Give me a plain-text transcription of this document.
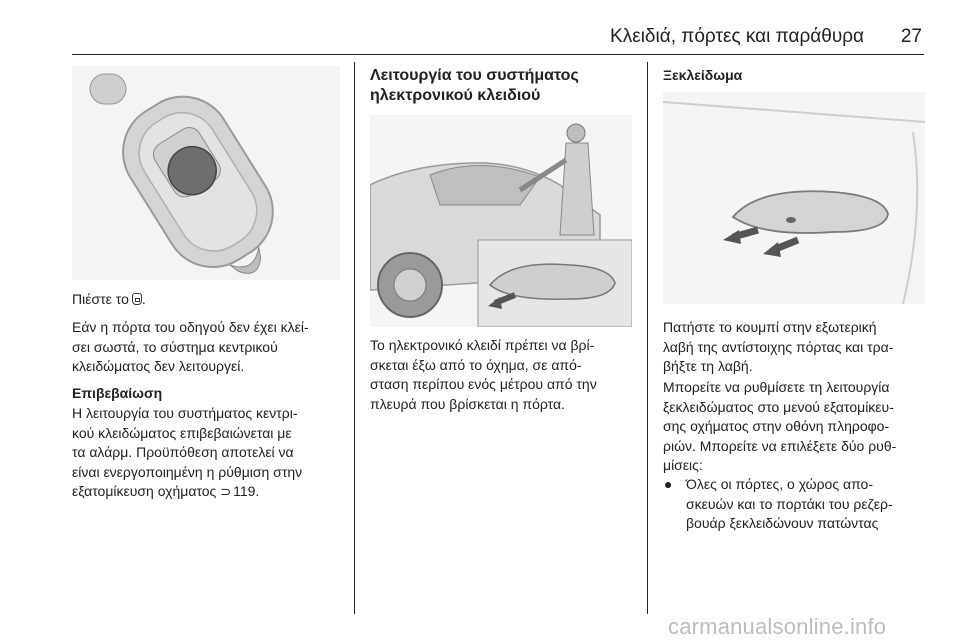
Κλειδιά, πόρτες και παράθυρα 27
Πιέστε το .
Εάν η πόρτα του οδηγού δεν έχει κλεί-
σει σωστά, το σύστημα κεντρικού
κλειδώματος δεν λειτουργεί.
Επιβεβαίωση
Η λειτουργία του συστήματος κεντρι-
κού κλειδώματος επιβεβαιώνεται με
τα αλάρμ. Προϋπόθεση αποτελεί να
είναι ενεργοποιημένη η ρύθμιση στην
εξατομίκευση οχήματος ⊃ 119.
Λειτουργία του συστήματος
ηλεκτρονικού κλειδιού
Το ηλεκτρονικό κλειδί πρέπει να βρί-
σκεται έξω από το όχημα, σε από-
σταση περίπου ενός μέτρου από την
πλευρά που βρίσκεται η πόρτα.
Ξεκλείδωμα
Πατήστε το κουμπί στην εξωτερική
λαβή της αντίστοιχης πόρτας και τρα-
βήξτε τη λαβή.
Μπορείτε να ρυθμίσετε τη λειτουργία
ξεκλειδώματος στο μενού εξατομίκευ-
σης οχήματος στην οθόνη πληροφο-
ριών. Μπορείτε να επιλέξετε δύο ρυθ-
μίσεις:
● Όλες οι πόρτες, ο χώρος απο-
σκευών και το πορτάκι του ρεζερ-
βουάρ ξεκλειδώνουν πατώντας
carmanualsonline.info
